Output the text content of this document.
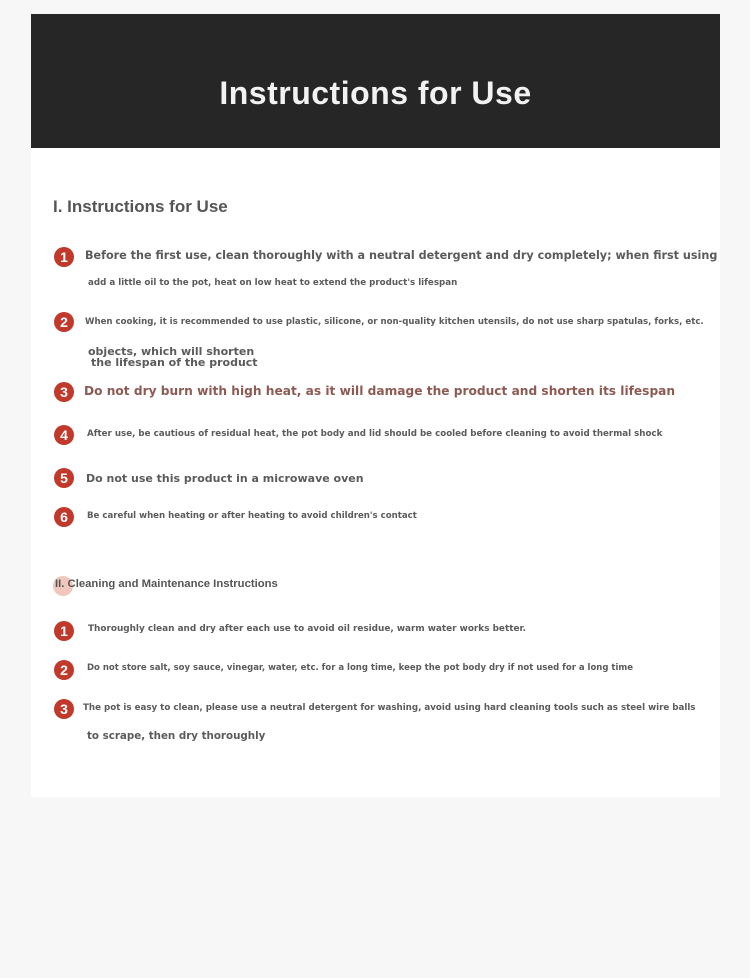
Instructions for Use
I. Instructions for Use
1	Before the first use, clean thoroughly with a neutral detergent and dry completely; when first using
add a little oil to the pot, heat on low heat to extend the product's lifespan
2	When cooking, it is recommended to use plastic, silicone, or non-quality kitchen utensils, do not use sharp spatulas, forks, etc.
objects, which will shorten
the lifespan of the product
3	Do not dry burn with high heat, as it will damage the product and shorten its lifespan
4	After use, be cautious of residual heat, the pot body and lid should be cooled before cleaning to avoid thermal shock
5	Do not use this product in a microwave oven
6	Be careful when heating or after heating to avoid children's contact
II. Cleaning and Maintenance Instructions
1	Thoroughly clean and dry after each use to avoid oil residue, warm water works better.
2	Do not store salt, soy sauce, vinegar, water, etc. for a long time, keep the pot body dry if not used for a long time
3	The pot is easy to clean, please use a neutral detergent for washing, avoid using hard cleaning tools such as steel wire balls
to scrape, then dry thoroughly
